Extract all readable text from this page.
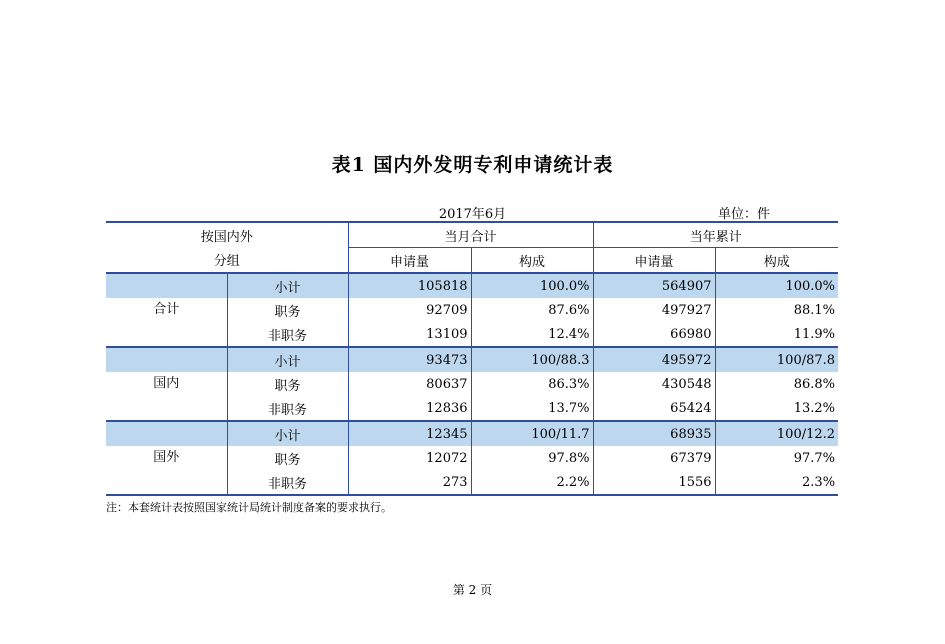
表1 国内外发明专利申请统计表
2017年6月	单位：件
按国内外		当月合计		当年累计	
分组		申请量	构成	申请量	构成

合计	小计	105818	100.0%	564907	100.0%
	职务	92709	87.6%	497927	88.1%
	非职务	13109	12.4%	66980	11.9%

国内	小计	93473	100/88.3	495972	100/87.8
	职务	80637	86.3%	430548	86.8%
	非职务	12836	13.7%	65424	13.2%

国外	小计	12345	100/11.7	68935	100/12.2
	职务	12072	97.8%	67379	97.7%
	非职务	273	2.2%	1556	2.3%
注：本套统计表按照国家统计局统计制度备案的要求执行。
第 2 页
